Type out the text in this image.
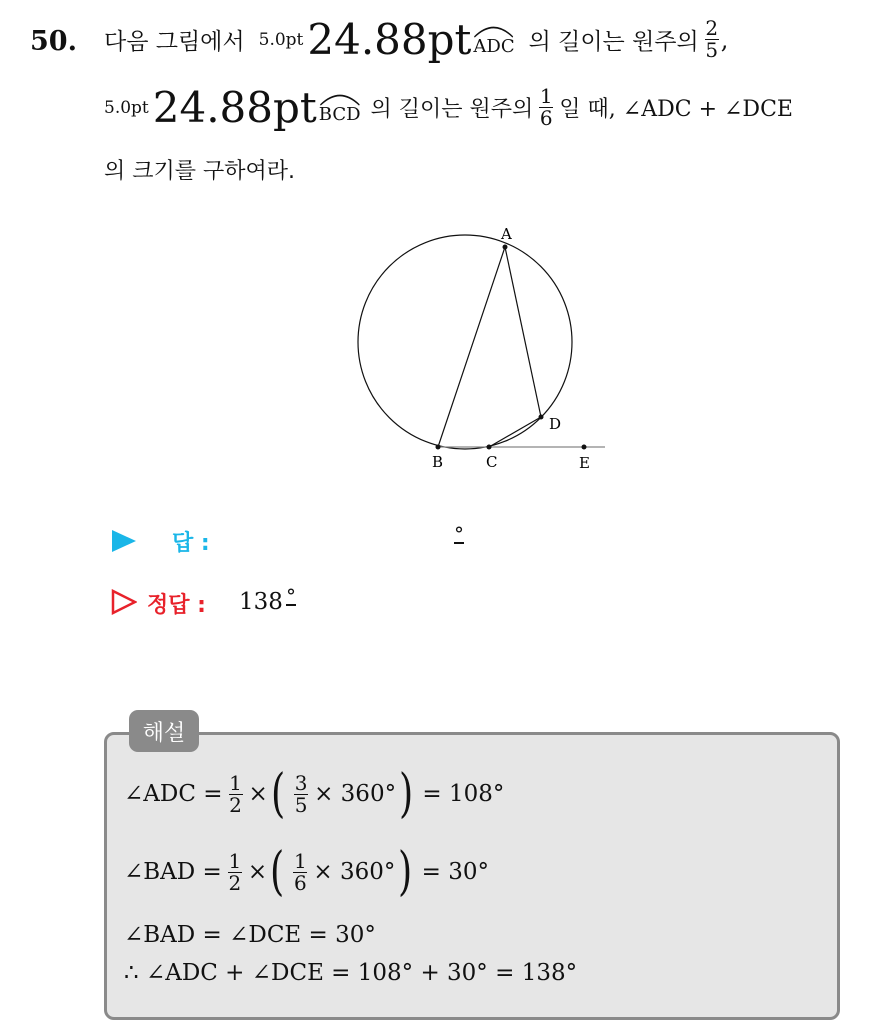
50. 다음 그림에서 5.0pt 24.88pt ADC 의 길이는 원주의 $\frac{2}{5}$ ,
5.0pt 24.88pt BCD 의 길이는 원주의 $\frac{1}{6}$ 일 때, ∠ADC + ∠DCE
의 크기를 구하여라.
A
B	C
D
E
답 :	°
정답 : 138 °
해설
∠ADC = $\frac{1}{2}$ × ( $\frac{3}{5} \times 360^\circ$ ) = 108°
∠BAD = $\frac{1}{2}$ × ( $\frac{1}{6} \times 360^\circ$ ) = 30°
∠BAD = ∠DCE = 30°
∴ ∠ADC + ∠DCE = 108° + 30° = 138°
